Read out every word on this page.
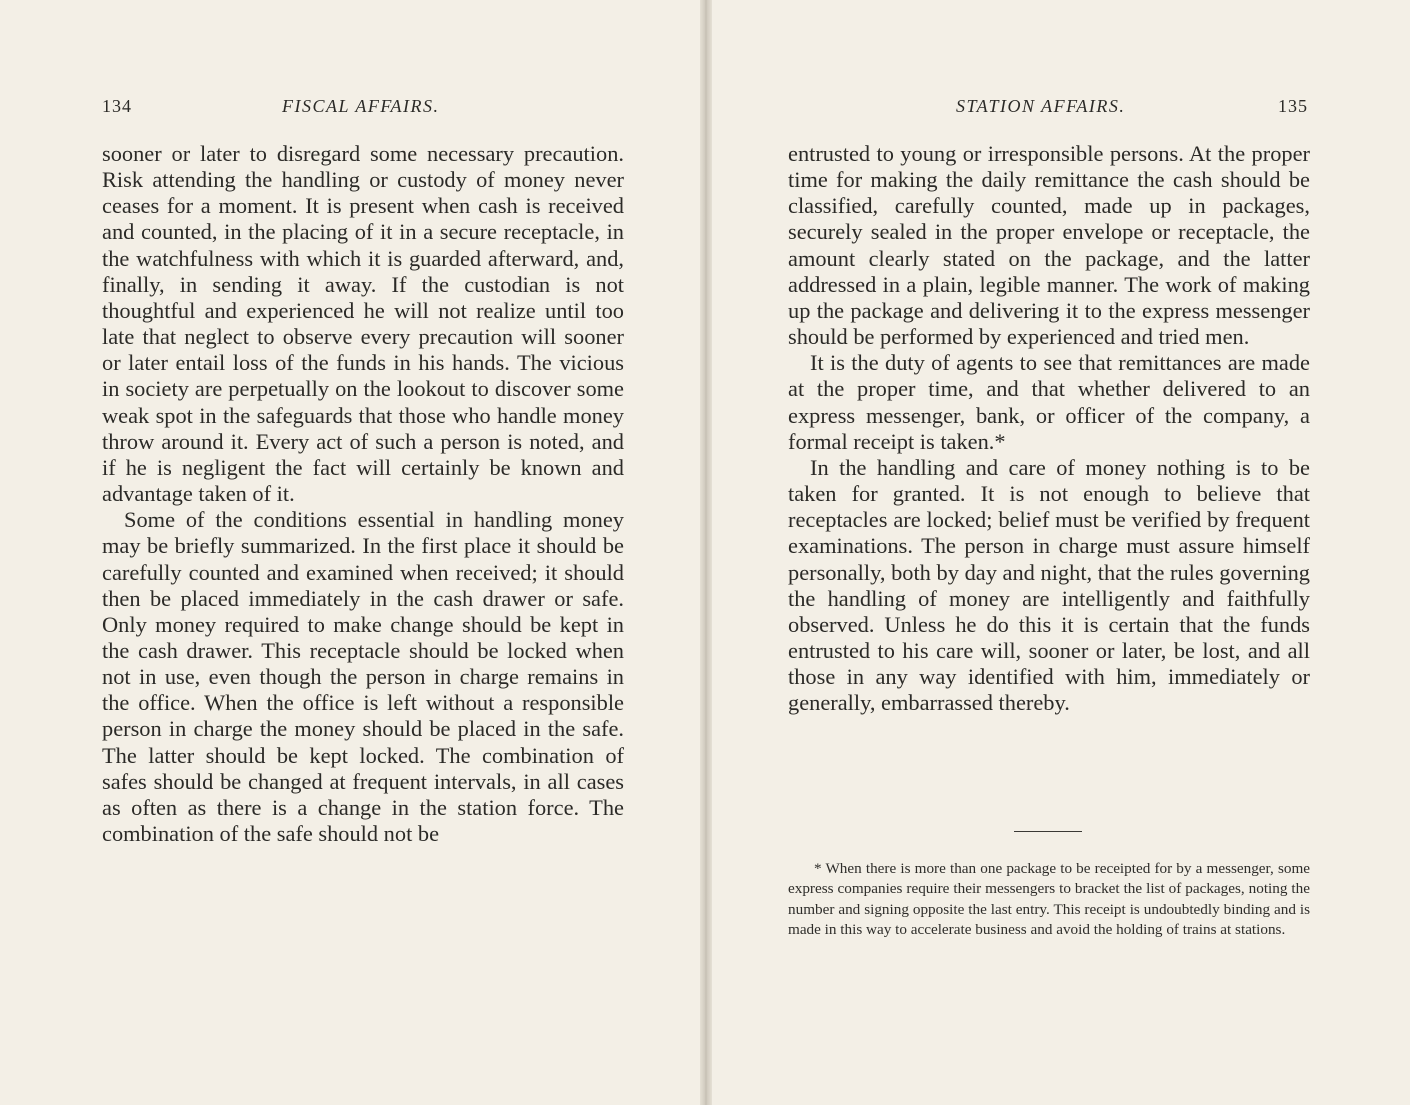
134	FISCAL AFFAIRS.

sooner or later to disregard some necessary precaution. Risk attending the handling or custody of money never ceases for a moment. It is present when cash is received and counted, in the placing of it in a secure receptacle, in the watchfulness with which it is guarded afterward, and, finally, in sending it away. If the custodian is not thoughtful and experienced he will not realize until too late that neglect to observe every precaution will sooner or later entail loss of the funds in his hands. The vicious in society are perpetually on the lookout to discover some weak spot in the safeguards that those who handle money throw around it. Every act of such a person is noted, and if he is negligent the fact will certainly be known and advantage taken of it.

Some of the conditions essential in handling money may be briefly summarized. In the first place it should be carefully counted and examined when received; it should then be placed immediately in the cash drawer or safe. Only money required to make change should be kept in the cash drawer. This receptacle should be locked when not in use, even though the person in charge remains in the office. When the office is left without a responsible person in charge the money should be placed in the safe. The latter should be kept locked. The combination of safes should be changed at frequent intervals, in all cases as often as there is a change in the station force. The combination of the safe should not be

STATION AFFAIRS.	135

entrusted to young or irresponsible persons. At the proper time for making the daily remittance the cash should be classified, carefully counted, made up in packages, securely sealed in the proper envelope or receptacle, the amount clearly stated on the package, and the latter addressed in a plain, legible manner. The work of making up the package and delivering it to the express messenger should be performed by experienced and tried men.

It is the duty of agents to see that remittances are made at the proper time, and that whether delivered to an express messenger, bank, or officer of the company, a formal receipt is taken.*

In the handling and care of money nothing is to be taken for granted. It is not enough to believe that receptacles are locked; belief must be verified by frequent examinations. The person in charge must assure himself personally, both by day and night, that the rules governing the handling of money are intelligently and faithfully observed. Unless he do this it is certain that the funds entrusted to his care will, sooner or later, be lost, and all those in any way identified with him, immediately or generally, embarrassed thereby.

* When there is more than one package to be receipted for by a messenger, some express companies require their messengers to bracket the list of packages, noting the number and signing opposite the last entry. This receipt is undoubtedly binding and is made in this way to accelerate business and avoid the holding of trains at stations.
